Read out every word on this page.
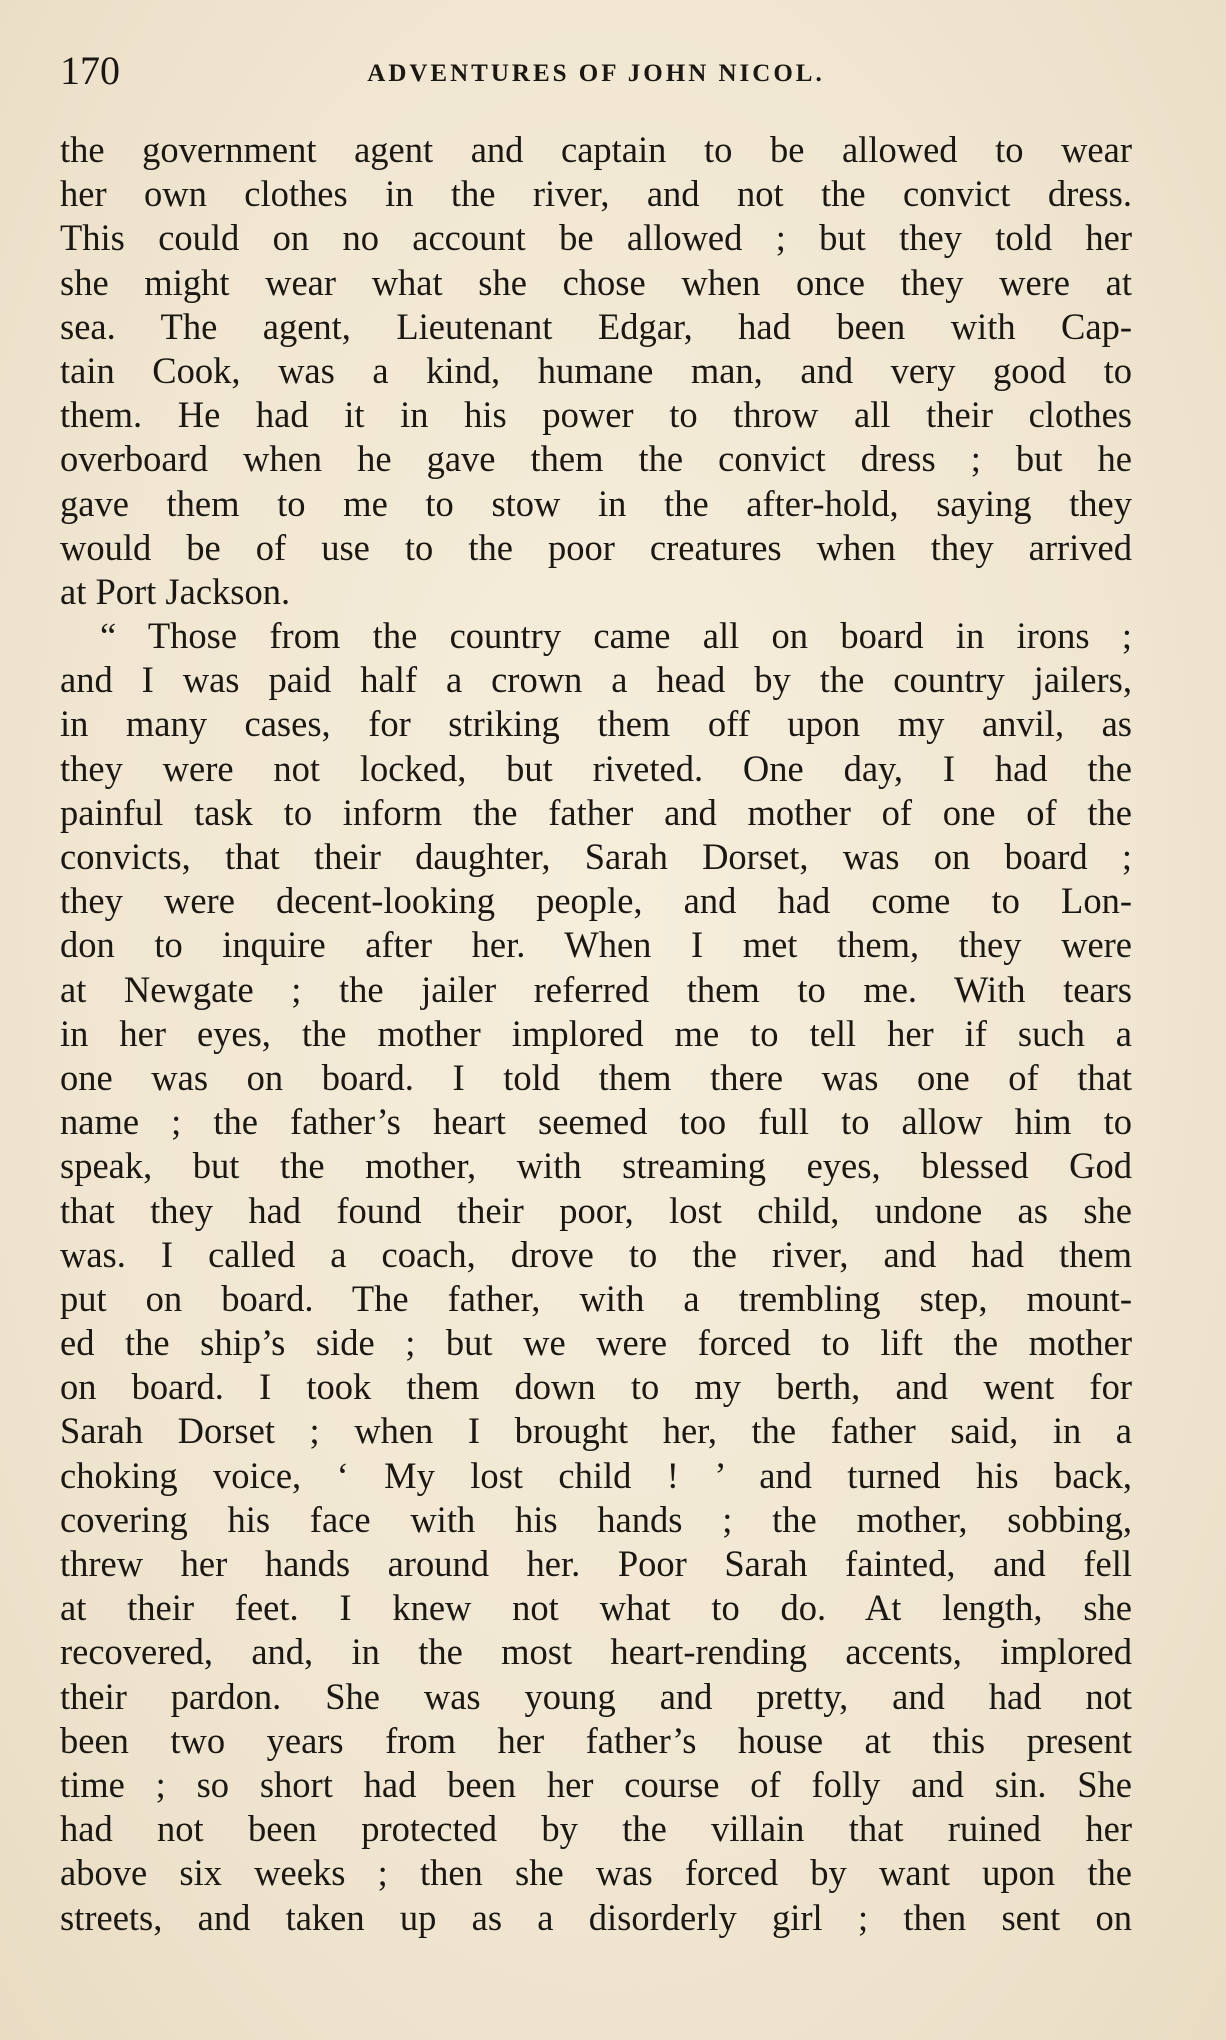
170	ADVENTURES OF JOHN NICOL.
the government agent and captain to be allowed to wear
her own clothes in the river, and not the convict dress.
This could on no account be allowed ; but they told her
she might wear what she chose when once they were at
sea. The agent, Lieutenant Edgar, had been with Cap-
tain Cook, was a kind, humane man, and very good to
them. He had it in his power to throw all their clothes
overboard when he gave them the convict dress ; but he
gave them to me to stow in the after-hold, saying they
would be of use to the poor creatures when they arrived
at Port Jackson.
“ Those from the country came all on board in irons ;
and I was paid half a crown a head by the country jailers,
in many cases, for striking them off upon my anvil, as
they were not locked, but riveted. One day, I had the
painful task to inform the father and mother of one of the
convicts, that their daughter, Sarah Dorset, was on board ;
they were decent-looking people, and had come to Lon-
don to inquire after her. When I met them, they were
at Newgate ; the jailer referred them to me. With tears
in her eyes, the mother implored me to tell her if such a
one was on board. I told them there was one of that
name ; the father’s heart seemed too full to allow him to
speak, but the mother, with streaming eyes, blessed God
that they had found their poor, lost child, undone as she
was. I called a coach, drove to the river, and had them
put on board. The father, with a trembling step, mount-
ed the ship’s side ; but we were forced to lift the mother
on board. I took them down to my berth, and went for
Sarah Dorset ; when I brought her, the father said, in a
choking voice, ‘ My lost child ! ’ and turned his back,
covering his face with his hands ; the mother, sobbing,
threw her hands around her. Poor Sarah fainted, and fell
at their feet. I knew not what to do. At length, she
recovered, and, in the most heart-rending accents, implored
their pardon. She was young and pretty, and had not
been two years from her father’s house at this present
time ; so short had been her course of folly and sin. She
had not been protected by the villain that ruined her
above six weeks ; then she was forced by want upon the
streets, and taken up as a disorderly girl ; then sent on
